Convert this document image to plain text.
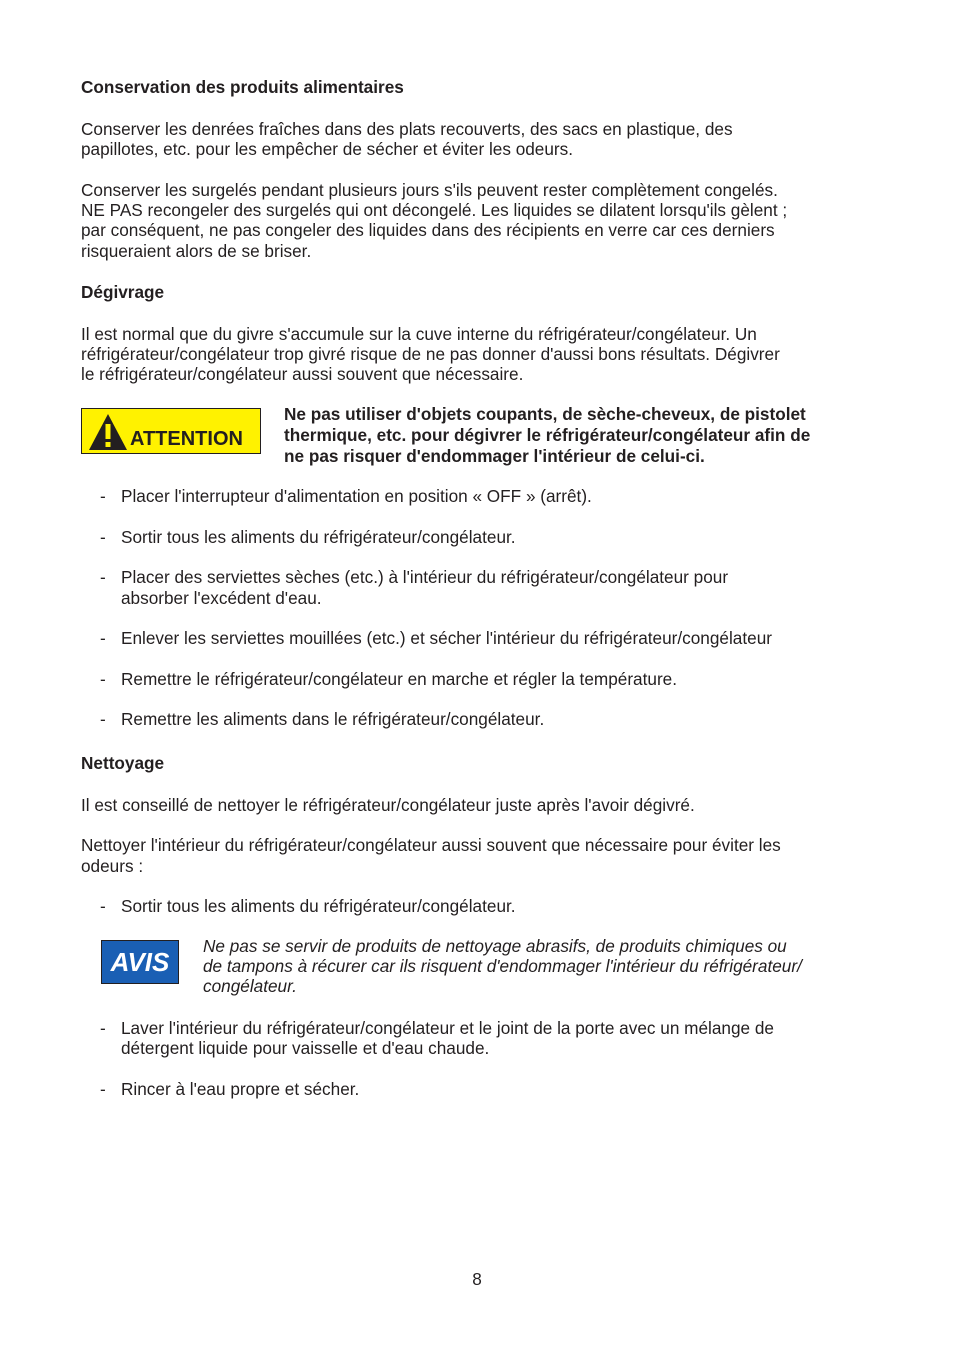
Conservation des produits alimentaires

Conserver les denrées fraîches dans des plats recouverts, des sacs en plastique, des

papillotes, etc. pour les empêcher de sécher et éviter les odeurs.

Conserver les surgelés pendant plusieurs jours s'ils peuvent rester complètement congelés.

NE PAS recongeler des surgelés qui ont décongelé. Les liquides se dilatent lorsqu'ils gèlent ;

par conséquent, ne pas congeler des liquides dans des récipients en verre car ces derniers

risqueraient alors de se briser.

Dégivrage

Il est normal que du givre s'accumule sur la cuve interne du réfrigérateur/congélateur. Un

réfrigérateur/congélateur trop givré risque de ne pas donner d'aussi bons résultats. Dégivrer

le réfrigérateur/congélateur aussi souvent que nécessaire.

ATTENTION

Ne pas utiliser d'objets coupants, de sèche-cheveux, de pistolet

thermique, etc. pour dégivrer le réfrigérateur/congélateur afin de

ne pas risquer d'endommager l'intérieur de celui-ci.

- Placer l'interrupteur d'alimentation en position « OFF » (arrêt).

- Sortir tous les aliments du réfrigérateur/congélateur.

- Placer des serviettes sèches (etc.) à l'intérieur du réfrigérateur/congélateur pour

absorber l'excédent d'eau.

- Enlever les serviettes mouillées (etc.) et sécher l'intérieur du réfrigérateur/congélateur

- Remettre le réfrigérateur/congélateur en marche et régler la température.

- Remettre les aliments dans le réfrigérateur/congélateur.

Nettoyage

Il est conseillé de nettoyer le réfrigérateur/congélateur juste après l'avoir dégivré.

Nettoyer l'intérieur du réfrigérateur/congélateur aussi souvent que nécessaire pour éviter les

odeurs :

- Sortir tous les aliments du réfrigérateur/congélateur.

AVIS

Ne pas se servir de produits de nettoyage abrasifs, de produits chimiques ou

de tampons à récurer car ils risquent d'endommager l'intérieur du réfrigérateur/

congélateur.

- Laver l'intérieur du réfrigérateur/congélateur et le joint de la porte avec un mélange de

détergent liquide pour vaisselle et d'eau chaude.

- Rincer à l'eau propre et sécher.

8
